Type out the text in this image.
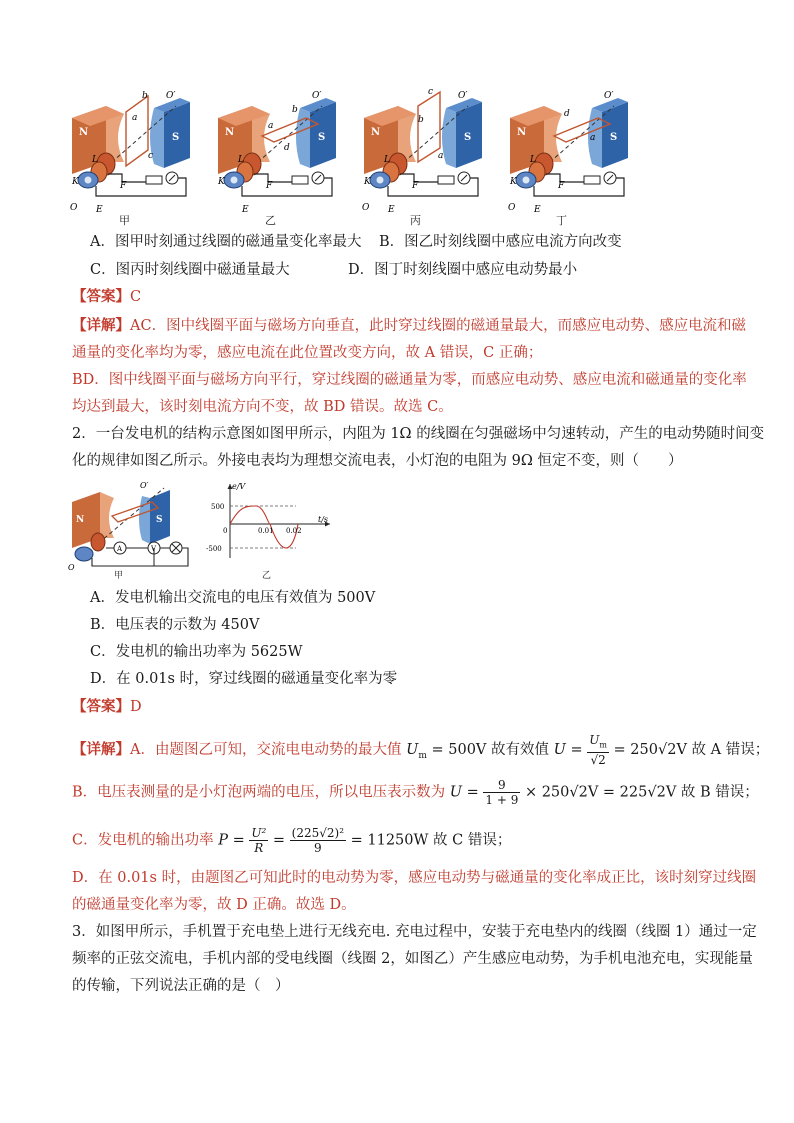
a
b
c
O′
N	S
L
K
O E
F
a
b
d
O′
N	S
L
K
E
F
c
b
a
O′
N	S
L
K
O E
F
d
a
O′
N	S
L
K
O E
F
甲	乙	丙	丁
A．图甲时刻通过线圈的磁通量变化率最大 B．图乙时刻线圈中感应电流方向改变
C．图丙时刻线圈中磁通量最大	D．图丁时刻线圈中感应电动势最小
【答案】C
【详解】AC．图中线圈平面与磁场方向垂直，此时穿过线圈的磁通量最大，而感应电动势、感应电流和磁
通量的变化率均为零，感应电流在此位置改变方向，故 A 错误，C 正确；
BD．图中线圈平面与磁场方向平行，穿过线圈的磁通量为零，而感应电动势、感应电流和磁通量的变化率
均达到最大，该时刻电流方向不变，故 BD 错误。故选 C。
2．一台发电机的结构示意图如图甲所示，内阻为 1Ω 的线圈在匀强磁场中匀速转动，产生的电动势随时间变
化的规律如图乙所示。外接电表均为理想交流电表，小灯泡的电阻为 9Ω 恒定不变，则（　　）
N	S
O′
O
A	V
甲
e/V
t/s
500
-500
0	0.01 0.02
乙
A．发电机输出交流电的电压有效值为 500V
B．电压表的示数为 450V
C．发电机的输出功率为 5625W
D．在 0.01s 时，穿过线圈的磁通量变化率为零
【答案】D
【详解】A．由题图乙可知，交流电电动势的最大值 $U_m = 500V$ 故有效值 $U = \frac{U_m}{√2} = 250√2V$ 故 A 错误；
B．电压表测量的是小灯泡两端的电压，所以电压表示数为 $U = \frac{9}{1 + 9} \times 250√2V = 225√2V$ 故 B 错误；
C．发电机的输出功率 $P = \frac{\text{U²}}{R} = \frac{\text{(225√2)²}}{9} = 11250W$ 故 C 错误；
D．在 0.01s 时，由题图乙可知此时的电动势为零，感应电动势与磁通量的变化率成正比，该时刻穿过线圈
的磁通量变化率为零，故 D 正确。故选 D。
3．如图甲所示，手机置于充电垫上进行无线充电. 充电过程中，安装于充电垫内的线圈（线圈 1）通过一定
频率的正弦交流电，手机内部的受电线圈（线圈 2，如图乙）产生感应电动势，为手机电池充电，实现能量
的传输，下列说法正确的是（　）
